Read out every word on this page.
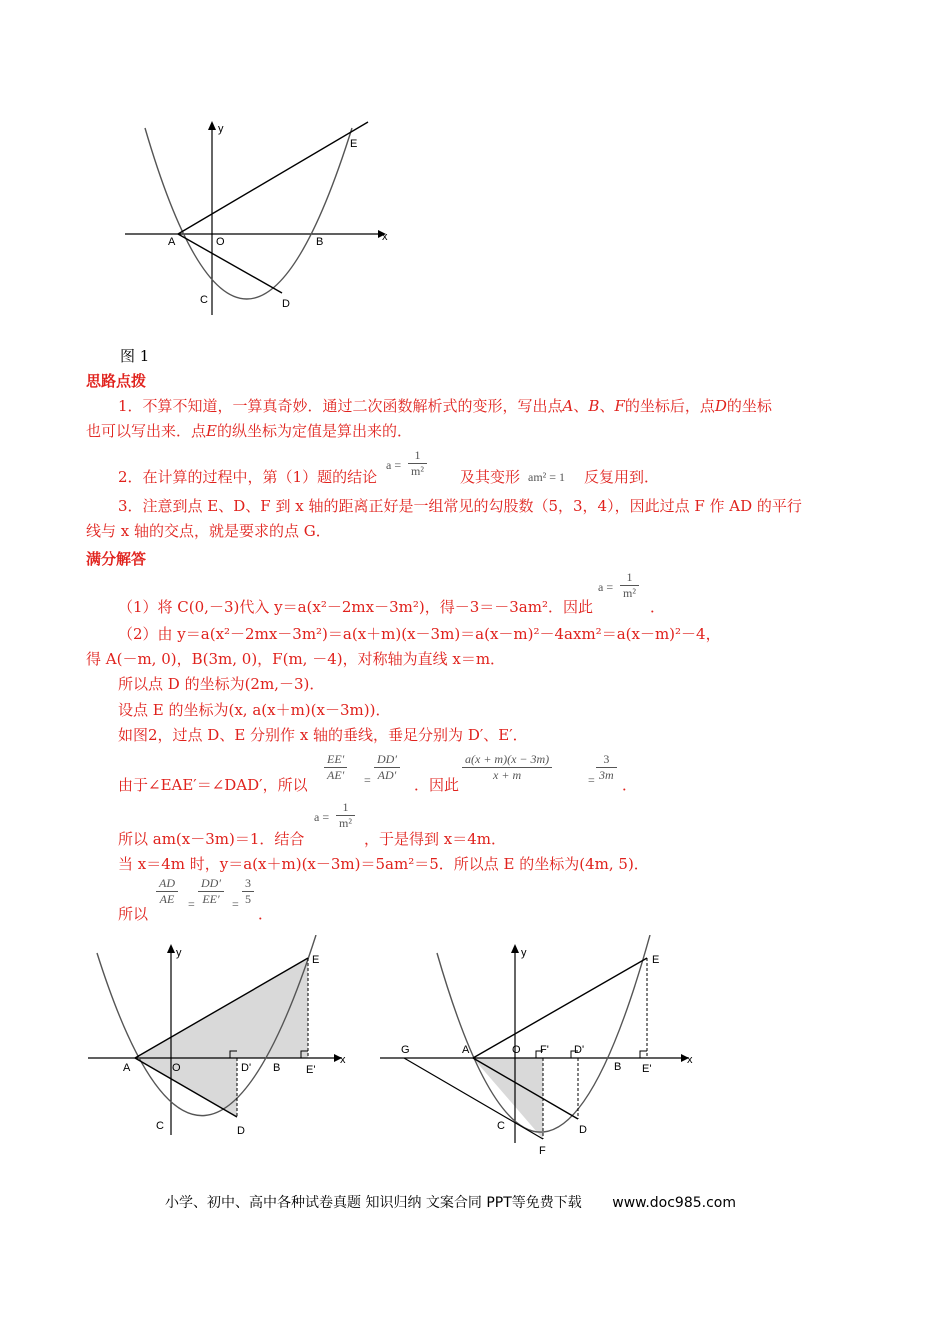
y
x
A	O	B
C	D
E
图 1
思路点拨
1．不算不知道，一算真奇妙．通过二次函数解析式的变形，写出点A、B、F的坐标后，点D的坐标

也可以写出来．点E的纵坐标为定值是算出来的．
2．在计算的过程中，第（1）题的结论
a =
1
m² 及其变形 am² = 1 反复用到．
3．注意到点 E、D、F 到 x 轴的距离正好是一组常见的勾股数（5，3，4），因此过点 F 作 AD 的平行
线与 x 轴的交点，就是要求的点 G．
满分解答
（1）将 C(0,－3)代入 y＝a(x²－2mx－3m²)，得－3＝－3am²．因此
a =
1
m²
．
（2）由 y＝a(x²－2mx－3m²)＝a(x＋m)(x－3m)＝a(x－m)²－4axm²＝a(x－m)²－4，
得 A(－m, 0)，B(3m, 0)，F(m, －4)，对称轴为直线 x＝m．
所以点 D 的坐标为(2m,－3)．
设点 E 的坐标为(x, a(x＋m)(x－3m))．
如图2，过点 D、E 分别作 x 轴的垂线，垂足分别为 D′、E′．
由于∠EAE′＝∠DAD′，所以
$\frac{EE'}{AE'} = \frac{DD'}{AD'}$
．因此
$\frac{a(x + m)(x - 3m)}{x + m}$	= $\frac{3}{3m}$
．
所以 am(x－3m)＝1．结合
a =
1
m²
，于是得到 x＝4m．
当 x＝4m 时，y＝a(x＋m)(x－3m)＝5am²＝5．所以点 E 的坐标为(4m, 5)．
所以
$\frac{AD}{AE} = \frac{DD'}{EE'} = \frac{3}{5}$
．
y
x
A	O	D' B E'
C	D
E
y
x
G	A	O F' D'
B E'
C	D
F
E
小学、初中、高中各种试卷真题 知识归纳 文案合同 PPT等免费下载 www.doc985.com
